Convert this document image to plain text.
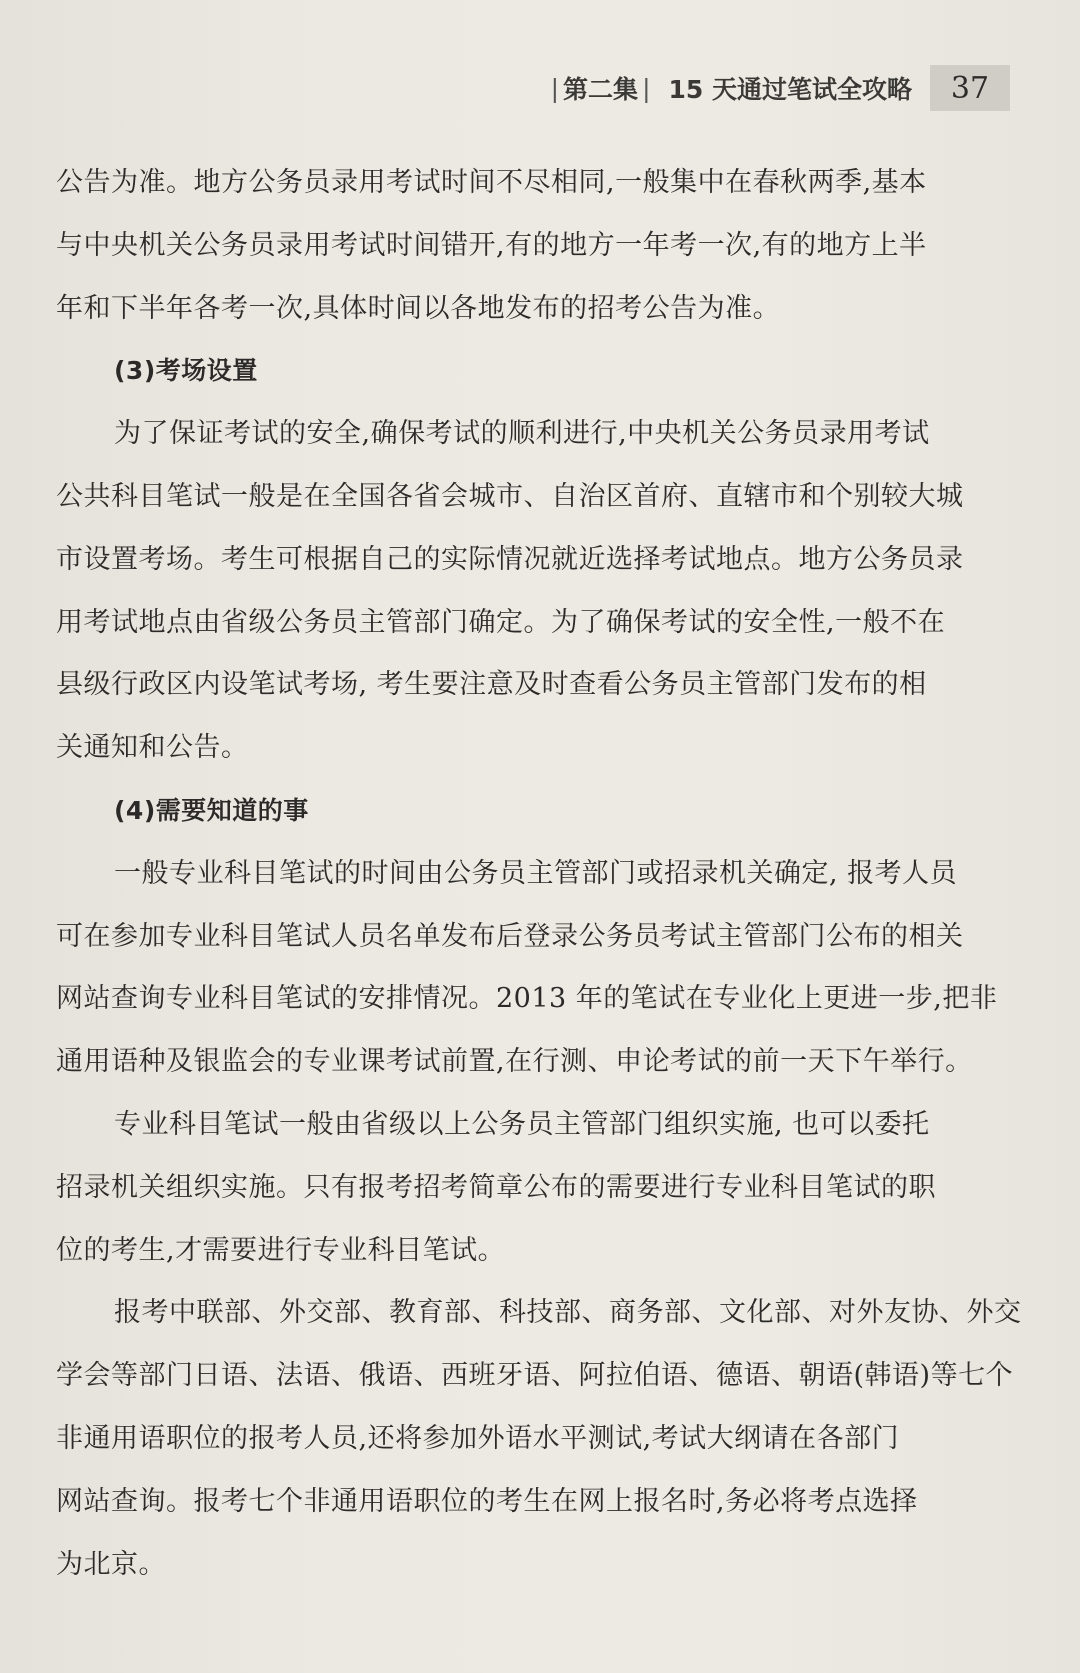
| 第二集 | 15 天通过笔试全攻略	37
公告为准。地方公务员录用考试时间不尽相同,一般集中在春秋两季,基本
与中央机关公务员录用考试时间错开,有的地方一年考一次,有的地方上半
年和下半年各考一次,具体时间以各地发布的招考公告为准。
(3)考场设置
为了保证考试的安全,确保考试的顺利进行,中央机关公务员录用考试
公共科目笔试一般是在全国各省会城市、自治区首府、直辖市和个别较大城
市设置考场。考生可根据自己的实际情况就近选择考试地点。地方公务员录
用考试地点由省级公务员主管部门确定。为了确保考试的安全性,一般不在
县级行政区内设笔试考场, 考生要注意及时查看公务员主管部门发布的相
关通知和公告。
(4)需要知道的事
一般专业科目笔试的时间由公务员主管部门或招录机关确定, 报考人员
可在参加专业科目笔试人员名单发布后登录公务员考试主管部门公布的相关
网站查询专业科目笔试的安排情况。2013 年的笔试在专业化上更进一步,把非
通用语种及银监会的专业课考试前置,在行测、申论考试的前一天下午举行。
专业科目笔试一般由省级以上公务员主管部门组织实施, 也可以委托
招录机关组织实施。只有报考招考简章公布的需要进行专业科目笔试的职
位的考生,才需要进行专业科目笔试。
报考中联部、外交部、教育部、科技部、商务部、文化部、对外友协、外交
学会等部门日语、法语、俄语、西班牙语、阿拉伯语、德语、朝语(韩语)等七个
非通用语职位的报考人员,还将参加外语水平测试,考试大纲请在各部门
网站查询。报考七个非通用语职位的考生在网上报名时,务必将考点选择
为北京。
